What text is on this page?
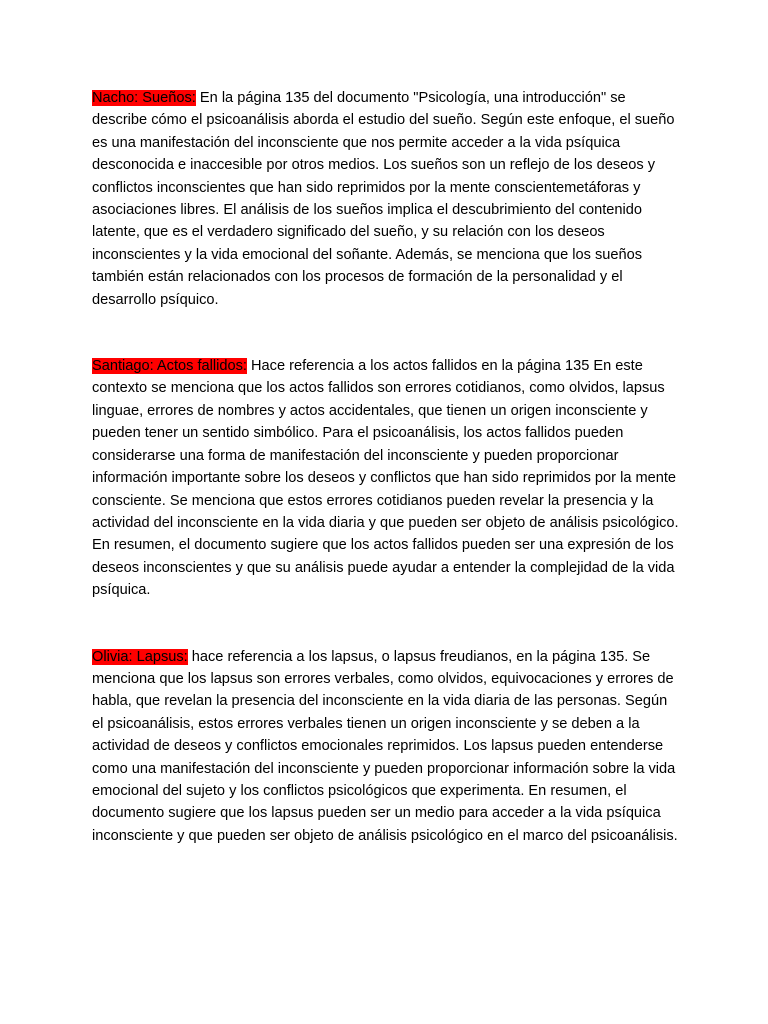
Nacho: Sueños: En la página 135 del documento "Psicología, una introducción" se describe cómo el psicoanálisis aborda el estudio del sueño. Según este enfoque, el sueño es una manifestación del inconsciente que nos permite acceder a la vida psíquica desconocida e inaccesible por otros medios. Los sueños son un reflejo de los deseos y conflictos inconscientes que han sido reprimidos por la mente conscientemetáforas y asociaciones libres. El análisis de los sueños implica el descubrimiento del contenido latente, que es el verdadero significado del sueño, y su relación con los deseos inconscientes y la vida emocional del soñante. Además, se menciona que los sueños también están relacionados con los procesos de formación de la personalidad y el desarrollo psíquico.

Santiago: Actos fallidos: Hace referencia a los actos fallidos en la página 135 En este contexto se menciona que los actos fallidos son errores cotidianos, como olvidos, lapsus linguae, errores de nombres y actos accidentales, que tienen un origen inconsciente y pueden tener un sentido simbólico. Para el psicoanálisis, los actos fallidos pueden considerarse una forma de manifestación del inconsciente y pueden proporcionar información importante sobre los deseos y conflictos que han sido reprimidos por la mente consciente. Se menciona que estos errores cotidianos pueden revelar la presencia y la actividad del inconsciente en la vida diaria y que pueden ser objeto de análisis psicológico. En resumen, el documento sugiere que los actos fallidos pueden ser una expresión de los deseos inconscientes y que su análisis puede ayudar a entender la complejidad de la vida psíquica.

Olivia: Lapsus: hace referencia a los lapsus, o lapsus freudianos, en la página 135. Se menciona que los lapsus son errores verbales, como olvidos, equivocaciones y errores de habla, que revelan la presencia del inconsciente en la vida diaria de las personas. Según el psicoanálisis, estos errores verbales tienen un origen inconsciente y se deben a la actividad de deseos y conflictos emocionales reprimidos. Los lapsus pueden entenderse como una manifestación del inconsciente y pueden proporcionar información sobre la vida emocional del sujeto y los conflictos psicológicos que experimenta. En resumen, el documento sugiere que los lapsus pueden ser un medio para acceder a la vida psíquica inconsciente y que pueden ser objeto de análisis psicológico en el marco del psicoanálisis.
